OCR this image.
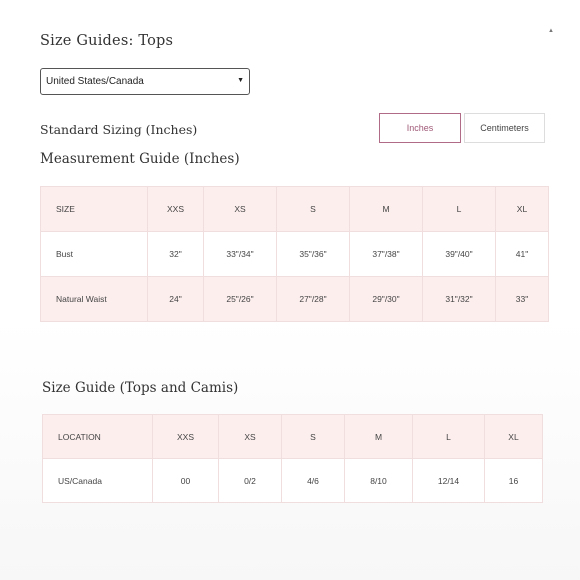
▲
Size Guides: Tops
United States/Canada	▼
Standard Sizing (Inches)	Inches	Centimeters
Measurement Guide (Inches)
SIZE	XXS	XS	S	M	L	XL
Bust	32"	33"/34"	35"/36"	37"/38"	39"/40"	41"
Natural Waist	24"	25"/26"	27"/28"	29"/30"	31"/32"	33"
Size Guide (Tops and Camis)
LOCATION	XXS	XS	S	M	L	XL
US/Canada	00	0/2	4/6	8/10	12/14	16
